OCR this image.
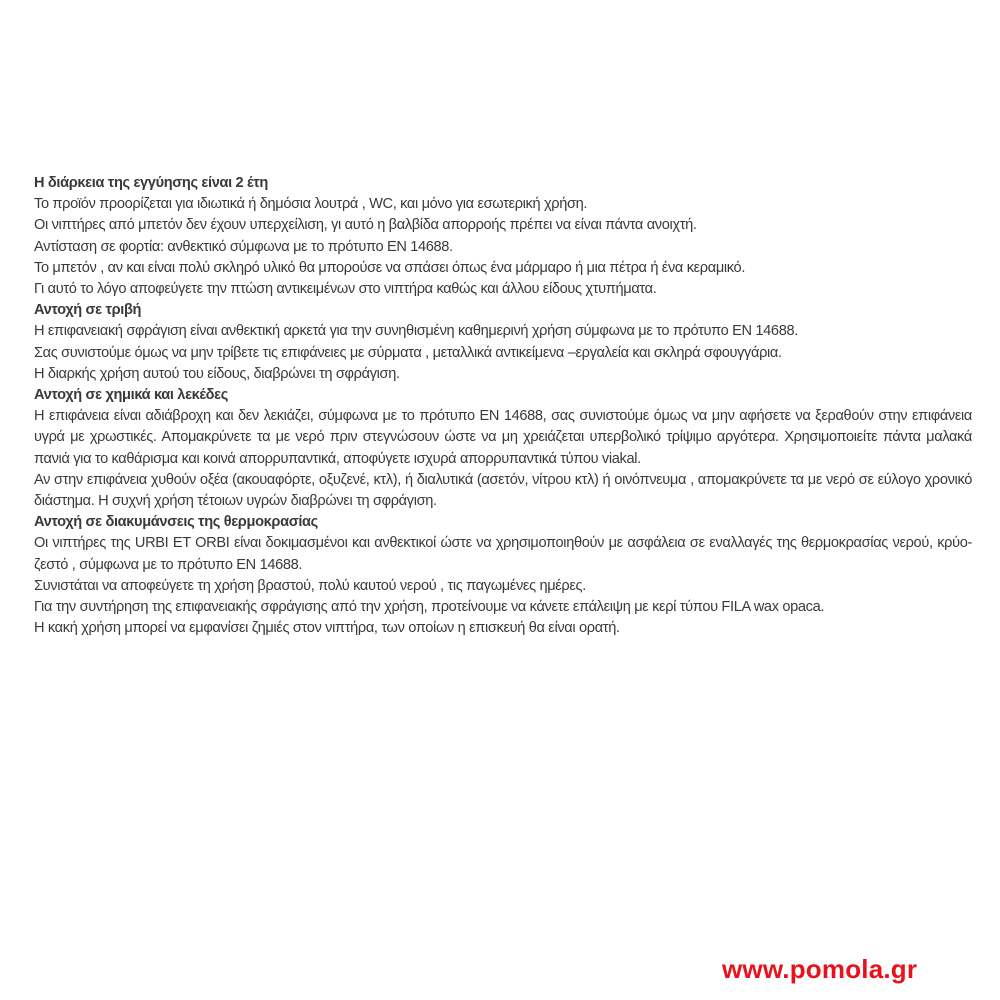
Η διάρκεια της εγγύησης είναι 2 έτη
Το προϊόν προορίζεται για ιδιωτικά ή δημόσια λουτρά , WC, και μόνο για εσωτερική χρήση.
Οι νιπτήρες από μπετόν δεν έχουν υπερχείλιση, γι αυτό η βαλβίδα απορροής πρέπει να είναι πάντα ανοιχτή.
Αντίσταση σε φορτία: ανθεκτικό σύμφωνα με το πρότυπο EN 14688.
Το μπετόν , αν και είναι πολύ σκληρό υλικό θα μπορούσε να σπάσει όπως ένα μάρμαρο ή μια πέτρα ή ένα κεραμικό.
Γι αυτό το λόγο αποφεύγετε την πτώση αντικειμένων στο νιπτήρα καθώς και άλλου είδους χτυπήματα.
Αντοχή σε τριβή
Η επιφανειακή σφράγιση είναι ανθεκτική αρκετά για την συνηθισμένη καθημερινή χρήση σύμφωνα με το πρότυπο EN 14688.
Σας συνιστούμε όμως να μην τρίβετε τις επιφάνειες με σύρματα , μεταλλικά αντικείμενα –εργαλεία και σκληρά σφουγγάρια.
Η διαρκής χρήση αυτού του είδους, διαβρώνει τη σφράγιση.
Αντοχή σε χημικά και λεκέδες
Η επιφάνεια είναι αδιάβροχη και δεν λεκιάζει, σύμφωνα με το πρότυπο EN 14688, σας συνιστούμε όμως να μην αφήσετε να ξεραθούν στην επιφάνεια υγρά με χρωστικές. Απομακρύνετε τα με νερό πριν στεγνώσουν ώστε να μη χρειάζεται υπερβολικό τρίψιμο αργότερα. Χρησιμοποιείτε πάντα μαλακά πανιά για το καθάρισμα και κοινά απορρυπαντικά, αποφύγετε ισχυρά απορρυπαντικά τύπου viakal.
Αν στην επιφάνεια χυθούν οξέα (ακουαφόρτε, οξυζενέ, κτλ), ή διαλυτικά (ασετόν, νίτρου κτλ) ή οινόπνευμα , απομακρύνετε τα με νερό σε εύλογο χρονικό διάστημα. Η συχνή χρήση τέτοιων υγρών διαβρώνει τη σφράγιση.
Αντοχή σε διακυμάνσεις της θερμοκρασίας
Οι νιπτήρες της URBI ET ORBI είναι δοκιμασμένοι και ανθεκτικοί ώστε να χρησιμοποιηθούν με ασφάλεια σε εναλλαγές της θερμοκρασίας νερού, κρύο-ζεστό , σύμφωνα με το πρότυπο EN 14688.
Συνιστάται να αποφεύγετε τη χρήση βραστού, πολύ καυτού νερού , τις παγωμένες ημέρες.
Για την συντήρηση της επιφανειακής σφράγισης από την χρήση, προτείνουμε να κάνετε επάλειψη με κερί τύπου FILA wax opaca.
Η κακή χρήση μπορεί να εμφανίσει ζημιές στον νιπτήρα, των οποίων η επισκευή θα είναι ορατή.
www.pomola.gr
